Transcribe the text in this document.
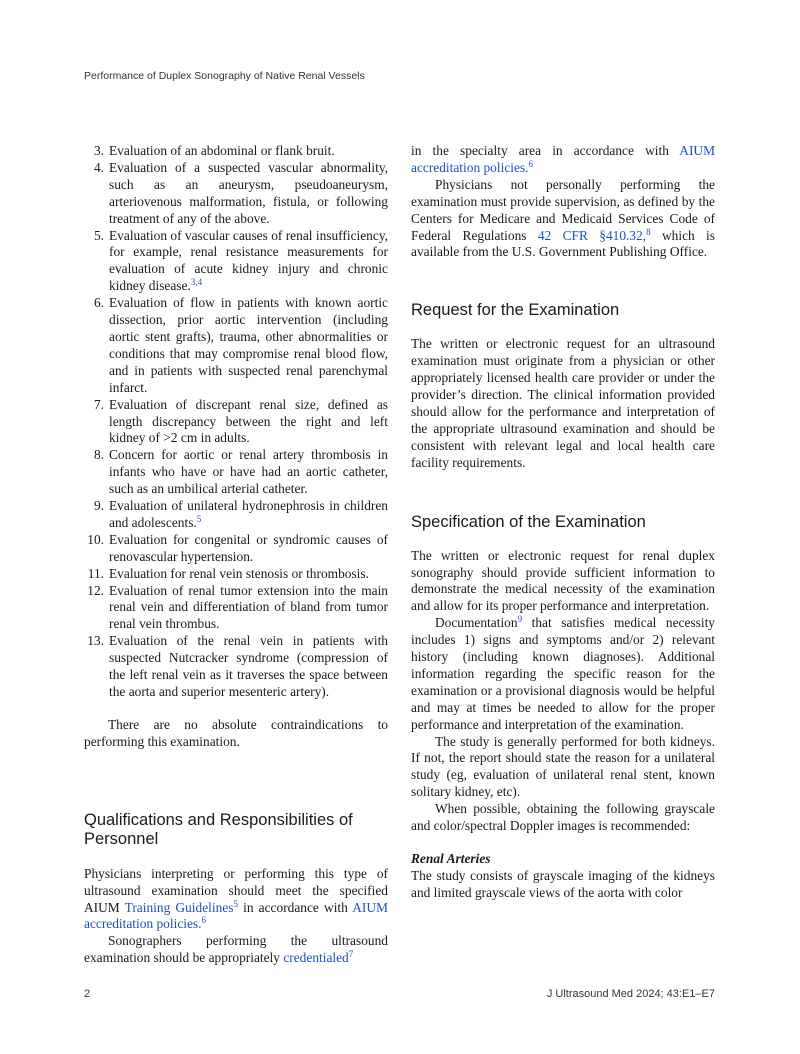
Performance of Duplex Sonography of Native Renal Vessels
3. Evaluation of an abdominal or flank bruit.
4. Evaluation of a suspected vascular abnormality, such as an aneurysm, pseudoaneurysm, arteriovenous malformation, fistula, or following treatment of any of the above.
5. Evaluation of vascular causes of renal insufficiency, for example, renal resistance measurements for evaluation of acute kidney injury and chronic kidney disease.$^{3,4}$
6. Evaluation of flow in patients with known aortic dissection, prior aortic intervention (including aortic stent grafts), trauma, other abnormalities or conditions that may compromise renal blood flow, and in patients with suspected renal parenchymal infarct.
7. Evaluation of discrepant renal size, defined as length discrepancy between the right and left kidney of >2 cm in adults.
8. Concern for aortic or renal artery thrombosis in infants who have or have had an aortic catheter, such as an umbilical arterial catheter.
9. Evaluation of unilateral hydronephrosis in children and adolescents.$^5$
10. Evaluation for congenital or syndromic causes of renovascular hypertension.
11. Evaluation for renal vein stenosis or thrombosis.
12. Evaluation of renal tumor extension into the main renal vein and differentiation of bland from tumor renal vein thrombus.
13. Evaluation of the renal vein in patients with suspected Nutcracker syndrome (compression of the left renal vein as it traverses the space between the aorta and superior mesenteric artery).

There are no absolute contraindications to performing this examination.

Qualifications and Responsibilities of Personnel

Physicians interpreting or performing this type of ultrasound examination should meet the specified AIUM Training Guidelines$^5$ in accordance with AIUM accreditation policies.$^6$

Sonographers performing the ultrasound examination should be appropriately credentialed$^7$

in the specialty area in accordance with AIUM accreditation policies.$^6$

Physicians not personally performing the examination must provide supervision, as defined by the Centers for Medicare and Medicaid Services Code of Federal Regulations 42 CFR §410.32,$^8$ which is available from the U.S. Government Publishing Office.

Request for the Examination

The written or electronic request for an ultrasound examination must originate from a physician or other appropriately licensed health care provider or under the provider’s direction. The clinical information provided should allow for the performance and interpretation of the appropriate ultrasound examination and should be consistent with relevant legal and local health care facility requirements.

Specification of the Examination

The written or electronic request for renal duplex sonography should provide sufficient information to demonstrate the medical necessity of the examination and allow for its proper performance and interpretation.

Documentation$^9$ that satisfies medical necessity includes 1) signs and symptoms and/or 2) relevant history (including known diagnoses). Additional information regarding the specific reason for the examination or a provisional diagnosis would be helpful and may at times be needed to allow for the proper performance and interpretation of the examination.

The study is generally performed for both kidneys. If not, the report should state the reason for a unilateral study (eg, evaluation of unilateral renal stent, known solitary kidney, etc).

When possible, obtaining the following grayscale and color/spectral Doppler images is recommended:

Renal Arteries

The study consists of grayscale imaging of the kidneys and limited grayscale views of the aorta with color

2	J Ultrasound Med 2024; 43:E1–E7
